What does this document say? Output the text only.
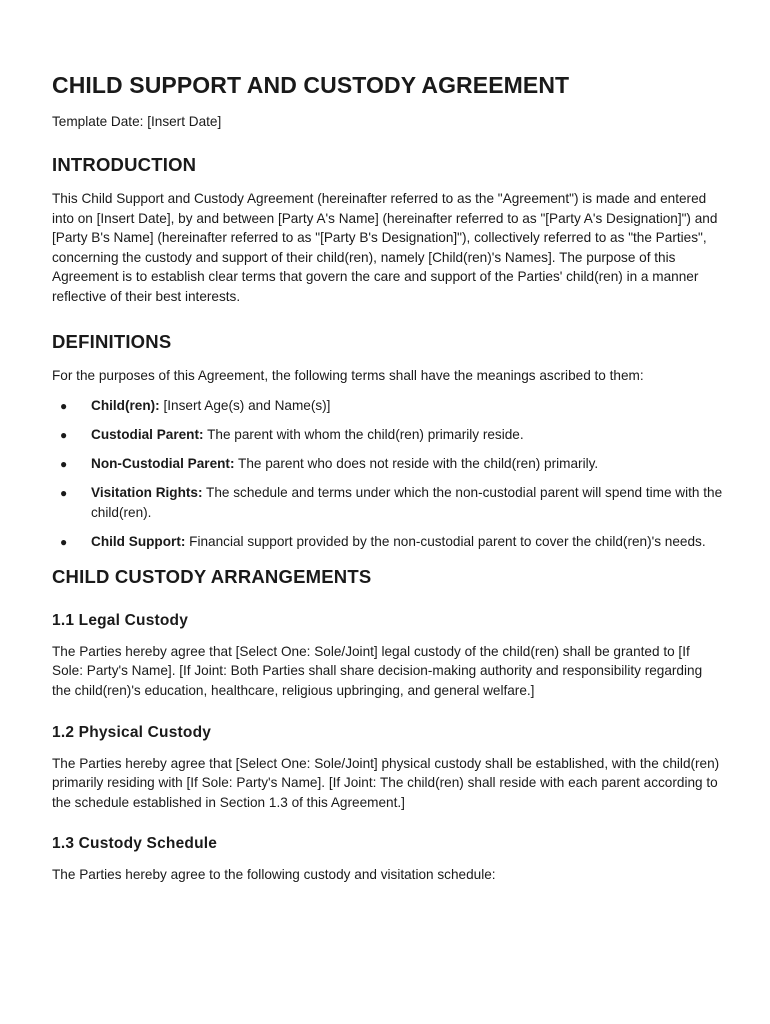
CHILD SUPPORT AND CUSTODY AGREEMENT

Template Date: [Insert Date]

INTRODUCTION

This Child Support and Custody Agreement (hereinafter referred to as the "Agreement") is made and entered into on [Insert Date], by and between [Party A's Name] (hereinafter referred to as "[Party A's Designation]") and [Party B's Name] (hereinafter referred to as "[Party B's Designation]"), collectively referred to as "the Parties", concerning the custody and support of their child(ren), namely [Child(ren)'s Names]. The purpose of this Agreement is to establish clear terms that govern the care and support of the Parties' child(ren) in a manner reflective of their best interests.

DEFINITIONS

For the purposes of this Agreement, the following terms shall have the meanings ascribed to them:

● Child(ren): [Insert Age(s) and Name(s)]
● Custodial Parent: The parent with whom the child(ren) primarily reside.
● Non-Custodial Parent: The parent who does not reside with the child(ren) primarily.
● Visitation Rights: The schedule and terms under which the non-custodial parent will spend time with the child(ren).
● Child Support: Financial support provided by the non-custodial parent to cover the child(ren)'s needs.
CHILD CUSTODY ARRANGEMENTS
1.1 Legal Custody

The Parties hereby agree that [Select One: Sole/Joint] legal custody of the child(ren) shall be granted to [If Sole: Party's Name]. [If Joint: Both Parties shall share decision-making authority and responsibility regarding the child(ren)'s education, healthcare, religious upbringing, and general welfare.]

1.2 Physical Custody

The Parties hereby agree that [Select One: Sole/Joint] physical custody shall be established, with the child(ren) primarily residing with [If Sole: Party's Name]. [If Joint: The child(ren) shall reside with each parent according to the schedule established in Section 1.3 of this Agreement.]

1.3 Custody Schedule

The Parties hereby agree to the following custody and visitation schedule:
